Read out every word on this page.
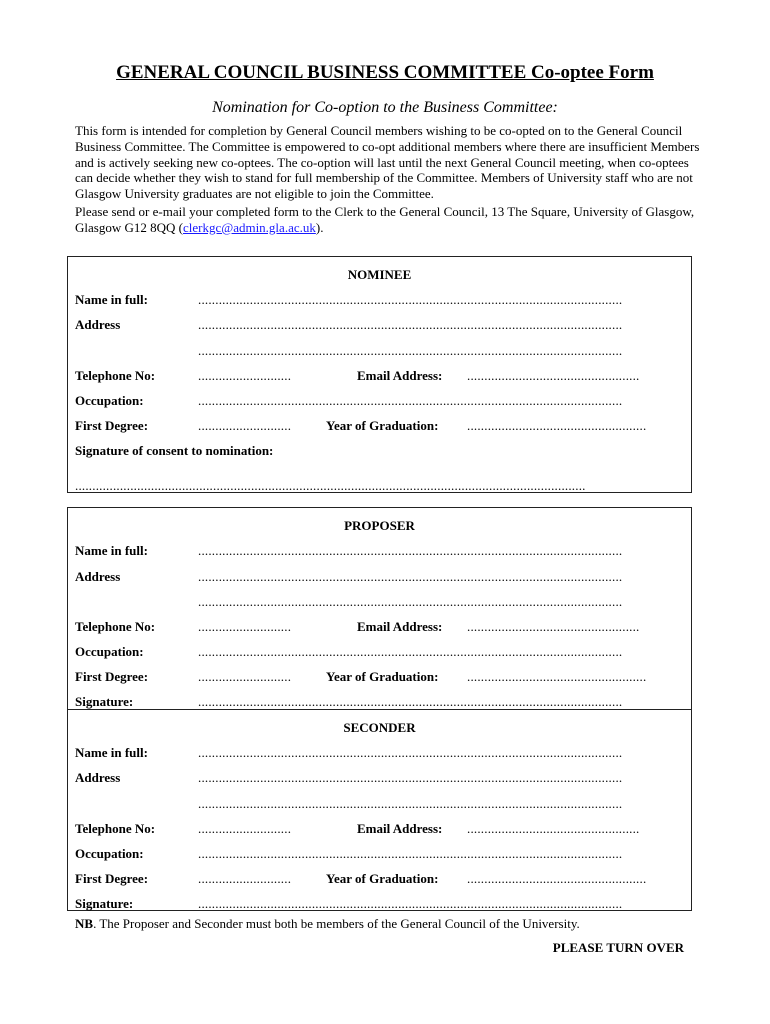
GENERAL COUNCIL BUSINESS COMMITTEE Co-optee Form
Nomination for Co-option to the Business Committee:

This form is intended for completion by General Council members wishing to be co-opted on to the General Council Business Committee. The Committee is empowered to co-opt additional members where there are insufficient Members and is actively seeking new co-optees. The co-option will last until the next General Council meeting, when co-optees can decide whether they wish to stand for full membership of the Committee. Members of University staff who are not Glasgow University graduates are not eligible to join the Committee.

Please send or e-mail your completed form to the Clerk to the General Council, 13 The Square, University of Glasgow, Glasgow G12 8QQ (clerkgc@admin.gla.ac.uk).

NOMINEE
Name in full:	...........................................................................................................................
Address	...........................................................................................................................
...........................................................................................................................
Telephone No:	...........................	Email Address: ..................................................
Occupation:	...........................................................................................................................
First Degree:	...........................	Year of Graduation: ....................................................
Signature of consent to nomination:
....................................................................................................................................................
PROPOSER
SECONDER
Name in full:	...........................................................................................................................
Address	...........................................................................................................................
...........................................................................................................................
Telephone No:	...........................	Email Address: ..................................................
Occupation:	...........................................................................................................................
First Degree:	...........................	Year of Graduation: ....................................................
Signature:	...........................................................................................................................
Name in full:	...........................................................................................................................
Address	...........................................................................................................................
...........................................................................................................................
Telephone No:	...........................	Email Address: ..................................................
Occupation:	...........................................................................................................................
First Degree:	...........................	Year of Graduation: ....................................................
Signature:	...........................................................................................................................
NB. The Proposer and Seconder must both be members of the General Council of the University.
PLEASE TURN OVER
